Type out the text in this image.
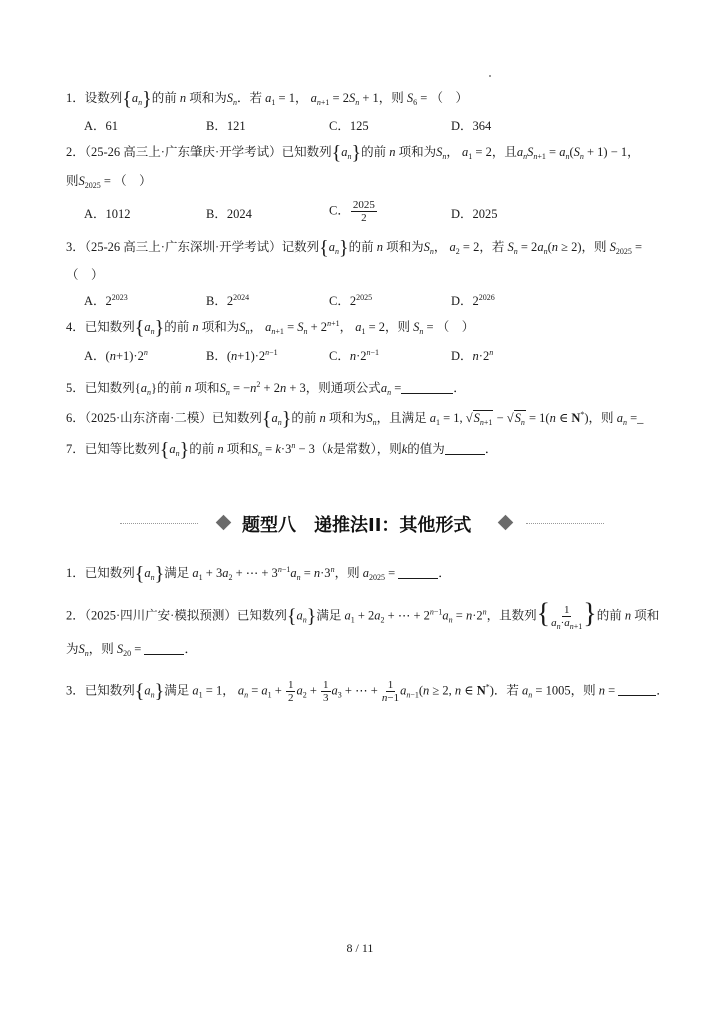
1．设数列$\{a_n\}$的前 n 项和为$S_n$．若 $a_1 = 1$， $a_{n+1} = 2S_n + 1$，则 $S_6$ = （　）
A．61	B．121	C．125	D．364
2．（25-26 高三上·广东肇庆·开学考试）已知数列$\{a_n\}$的前 n 项和为$S_n$， $a_1 = 2$，且$a_nS_{n+1} = a_n(S_n + 1) - 1$，
则$S_{2025}$ = （　）
A．1012	B．2024	C． $\frac{2025}{2}$	D．2025
3．（25-26 高三上·广东深圳·开学考试）记数列$\{a_n\}$的前 n 项和为$S_n$， $a_2 = 2$，若 $S_n = 2a_n(n \ge 2)$，则 $S_{2025}$ =
（　）
A．$2^{2023}$	B．$2^{2024}$	C．$2^{2025}$	D．$2^{2026}$
4．已知数列$\{a_n\}$的前 n 项和为$S_n$， $a_{n+1} = S_n + 2^{n+1}$， $a_1 = 2$，则 $S_n$ = （　）
A．$(n+1)\cdot 2^n$	B．$(n+1)\cdot 2^{n-1}$	C．$n\cdot 2^{n-1}$	D．$n\cdot 2^n$
5．已知数列$\{a_n\}$的前 n 项和$S_n = -n^2 + 2n + 3$，则通项公式$a_n$ =	．
6．（2025·山东济南·二模）已知数列$\{a_n\}$的前 n 项和为$S_n$，且满足 $a_1 = 1$, $√S_{n+1} - √S_n = 1(n$ ∈ N*)，则 $a_n$ =_
7．已知等比数列$\{a_n\}$的前 n 项和$S_n = k\cdot 3^n - 3(k$是常数），则k的值为	．
题型八　递推法II：其他形式
1．已知数列$\{a_n\}$满足 $a_1 + 3a_2$ + ⋯ + $3^{n-1}a_n = n\cdot 3^n$，则 $a_{2025}$ =	．
2．（2025·四川广安·模拟预测）已知数列$\{a_n\}$满足 $a_1 + 2a_2$ + ⋯ + $2^{n-1}a_n = n\cdot 2^n$，且数列{ $\frac{1}{a_n\cdot a_{n+1}}$ }的前 n 项和
为$S_n$，则 $S_{20}$ =	．
3．已知数列$\{a_n\}$满足 $a_1 = 1$， $a_n = a_1 + \frac{1}{2} a_2 + \frac{1}{3} a_3$ + ⋯ + $\frac{1}{n-1} a_{n-1}(n \ge 2$, n ∈ N*)．若 $a_n = 1005$，则 n =	．
8 / 11
